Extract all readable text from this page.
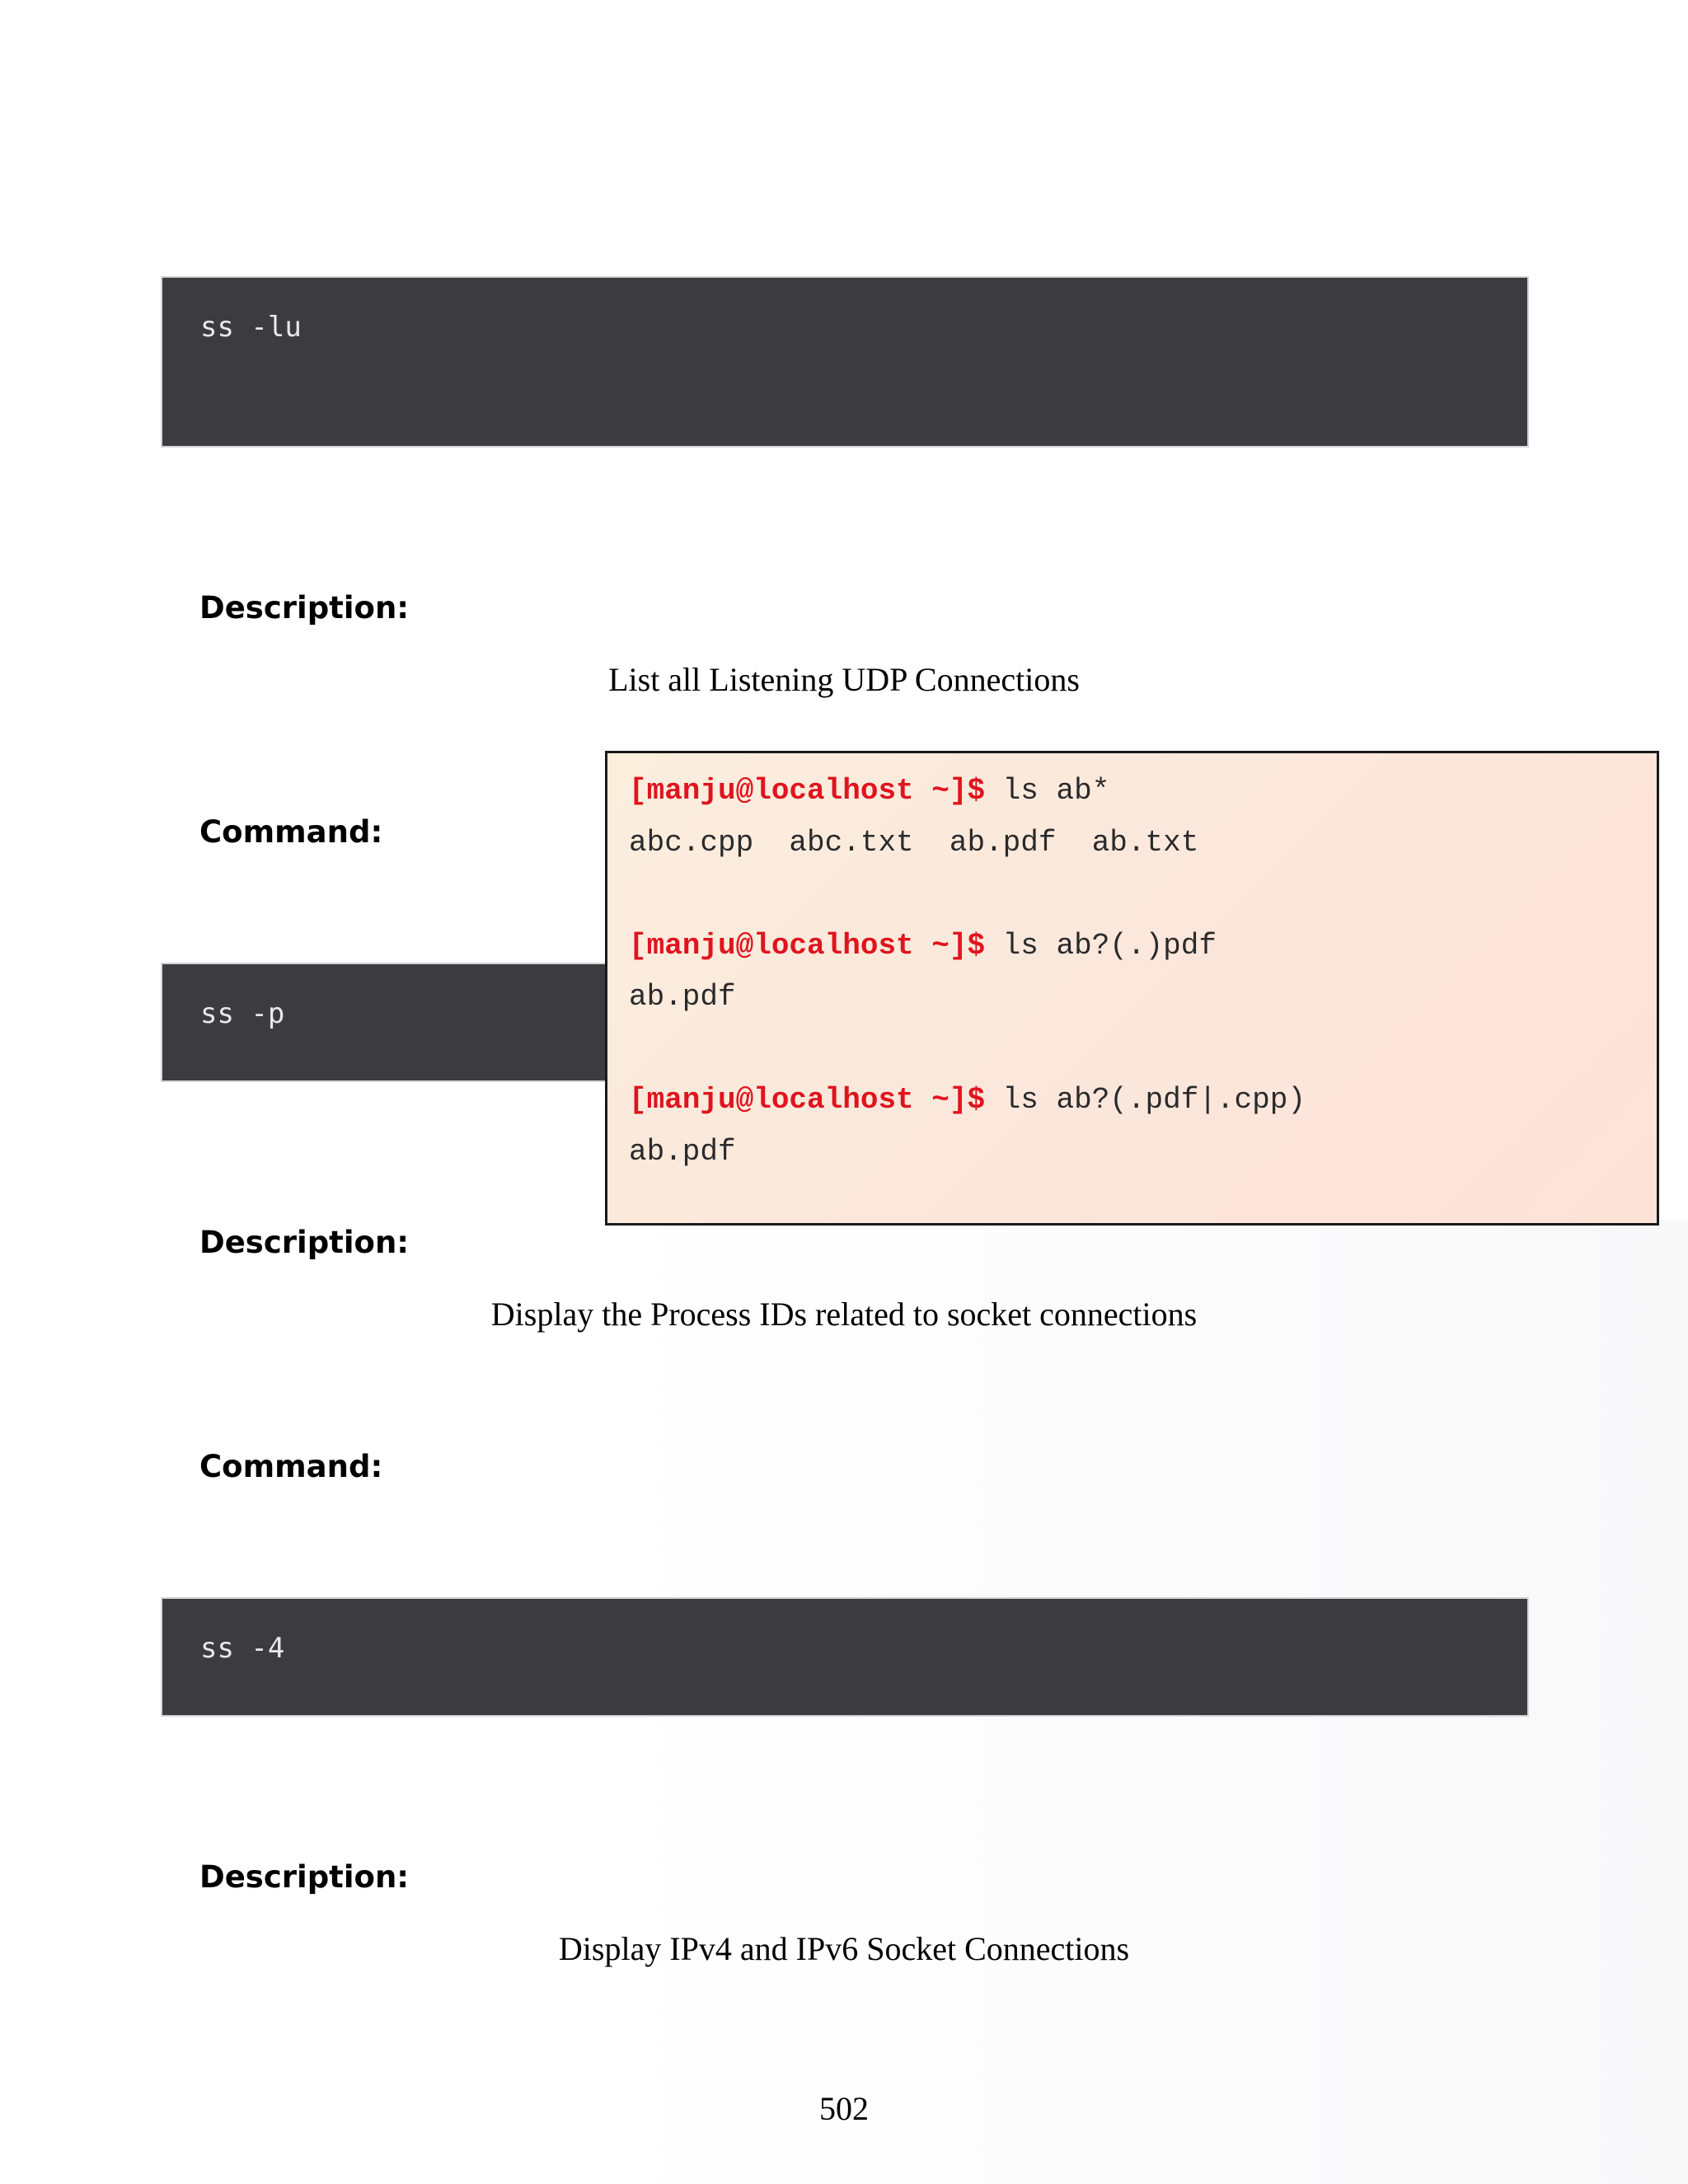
ss -lu
Description:
List all Listening UDP Connections
Command:
ss -p
Description:
Display the Process IDs related to socket connections
Command:
ss -4
Description:
Display IPv4 and IPv6 Socket Connections
[manju@localhost ~]$ ls ab*
abc.cpp  abc.txt  ab.pdf  ab.txt
[manju@localhost ~]$ ls ab?(.)pdf
ab.pdf
[manju@localhost ~]$ ls ab?(.pdf|.cpp)
ab.pdf
502
